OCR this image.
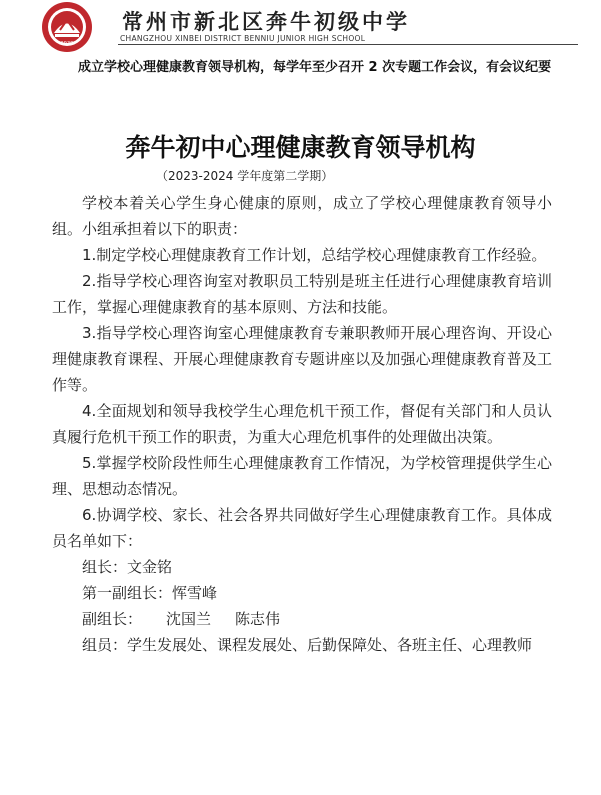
1930
常州市新北区奔牛初级中学
CHANGZHOU XINBEI DISTRICT BENNIU JUNIOR HIGH SCHOOL
成立学校心理健康教育领导机构，每学年至少召开 2 次专题工作会议，有会议纪要
奔牛初中心理健康教育领导机构
（2023-2024 学年度第二学期）

学校本着关心学生身心健康的原则，成立了学校心理健康教育领导小组。小组承担着以下的职责：

1.制定学校心理健康教育工作计划，总结学校心理健康教育工作经验。

2.指导学校心理咨询室对教职员工特别是班主任进行心理健康教育培训工作，掌握心理健康教育的基本原则、方法和技能。

3.指导学校心理咨询室心理健康教育专兼职教师开展心理咨询、开设心理健康教育课程、开展心理健康教育专题讲座以及加强心理健康教育普及工作等。

4.全面规划和领导我校学生心理危机干预工作，督促有关部门和人员认真履行危机干预工作的职责，为重大心理危机事件的处理做出决策。

5.掌握学校阶段性师生心理健康教育工作情况，为学校管理提供学生心理、思想动态情况。

6.协调学校、家长、社会各界共同做好学生心理健康教育工作。具体成员名单如下：

组长：文金铭

第一副组长：恽雪峰

副组长： 沈国兰 陈志伟

组员：学生发展处、课程发展处、后勤保障处、各班主任、心理教师
